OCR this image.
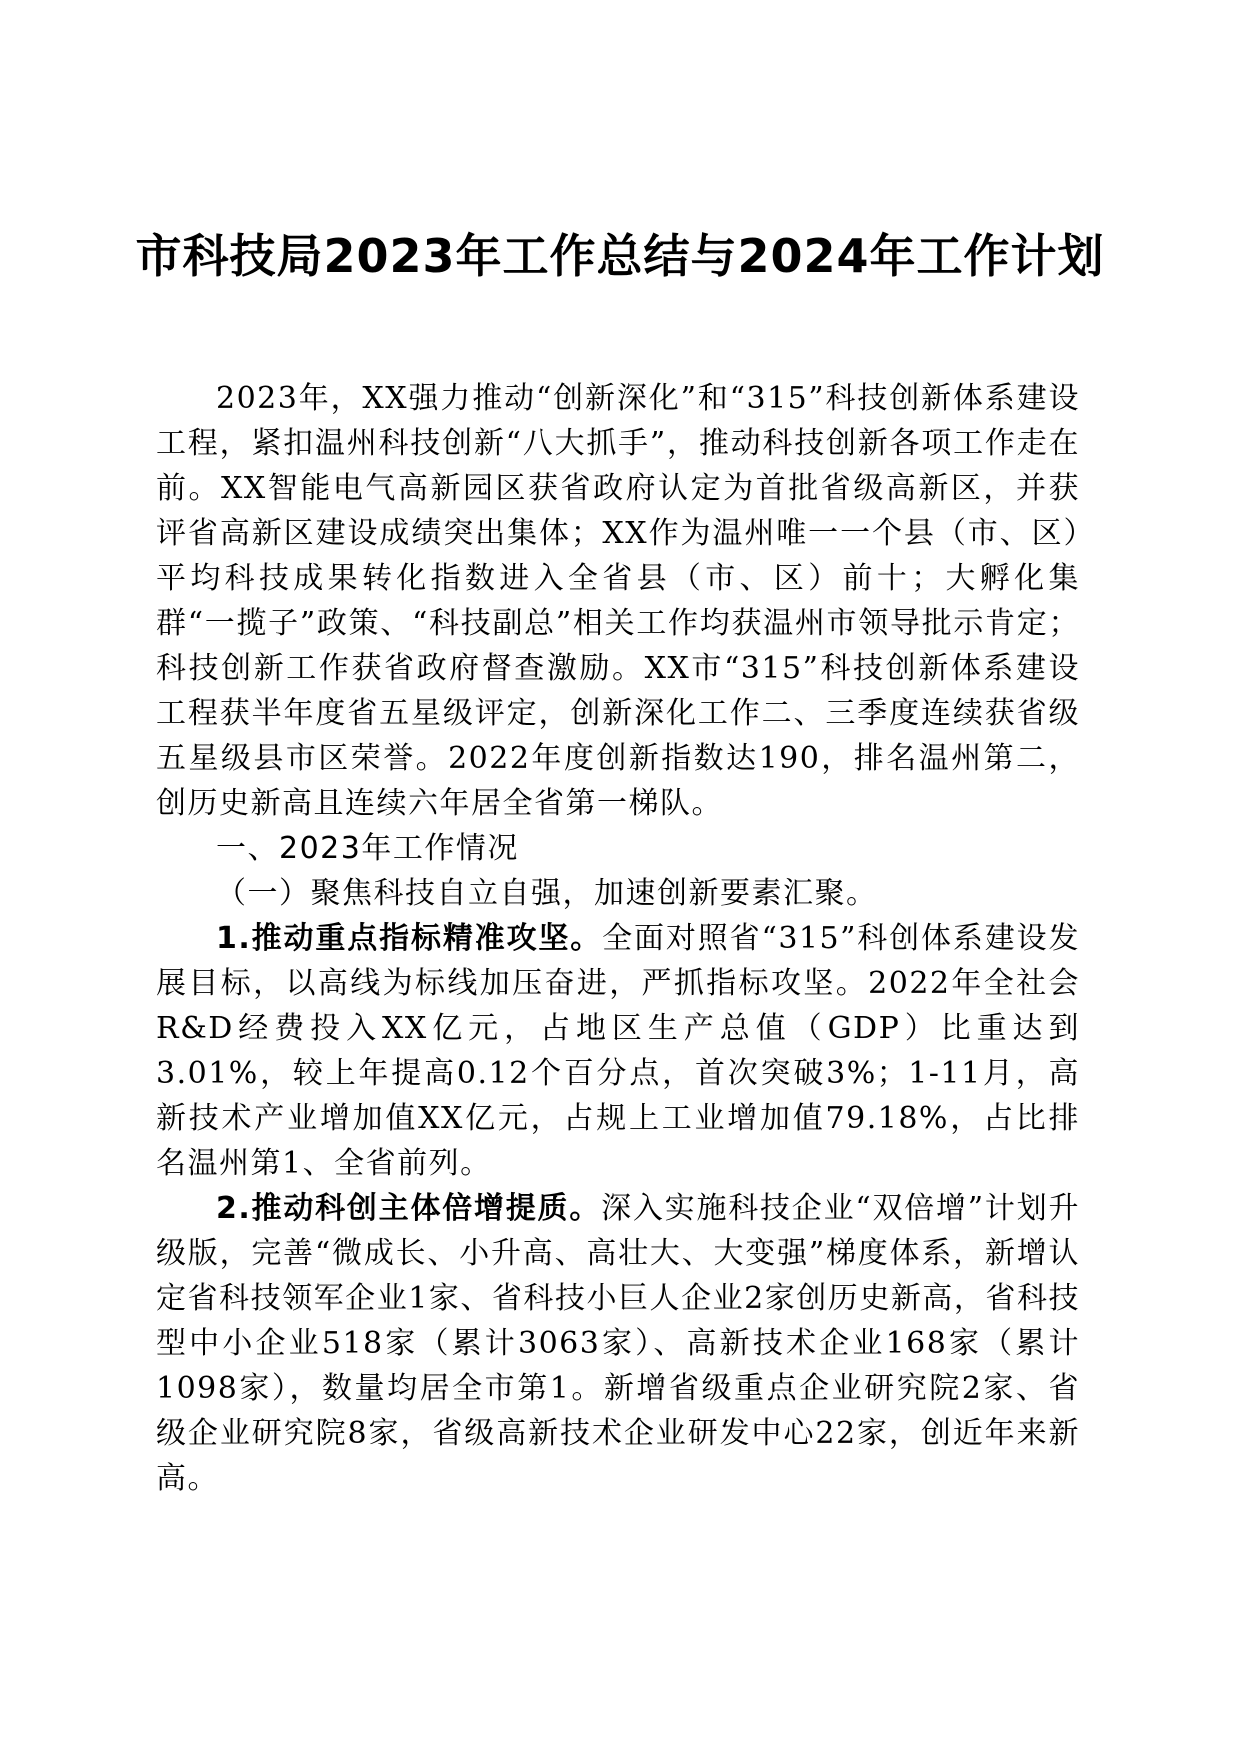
市科技局2023年工作总结与2024年工作计划

2023年，XX强力推动“创新深化”和“315”科技创新体系建设工程，紧扣温州科技创新“八大抓手”，推动科技创新各项工作走在前。XX智能电气高新园区获省政府认定为首批省级高新区，并获评省高新区建设成绩突出集体；XX作为温州唯一一个县（市、区）平均科技成果转化指数进入全省县（市、区）前十；大孵化集群“一揽子”政策、“科技副总”相关工作均获温州市领导批示肯定；科技创新工作获省政府督查激励。XX市“315”科技创新体系建设工程获半年度省五星级评定，创新深化工作二、三季度连续获省级五星级县市区荣誉。2022年度创新指数达190，排名温州第二，创历史新高且连续六年居全省第一梯队。

一、2023年工作情况

（一）聚焦科技自立自强，加速创新要素汇聚。

1.推动重点指标精准攻坚。全面对照省“315”科创体系建设发展目标，以高线为标线加压奋进，严抓指标攻坚。2022年全社会R&D经费投入XX亿元，占地区生产总值（GDP）比重达到3.01%，较上年提高0.12个百分点，首次突破3%；1-11月，高新技术产业增加值XX亿元，占规上工业增加值79.18%，占比排名温州第1、全省前列。

2.推动科创主体倍增提质。深入实施科技企业“双倍增”计划升级版，完善“微成长、小升高、高壮大、大变强”梯度体系，新增认定省科技领军企业1家、省科技小巨人企业2家创历史新高，省科技型中小企业518家（累计3063家）、高新技术企业168家（累计1098家），数量均居全市第1。新增省级重点企业研究院2家、省级企业研究院8家，省级高新技术企业研发中心22家，创近年来新高。
